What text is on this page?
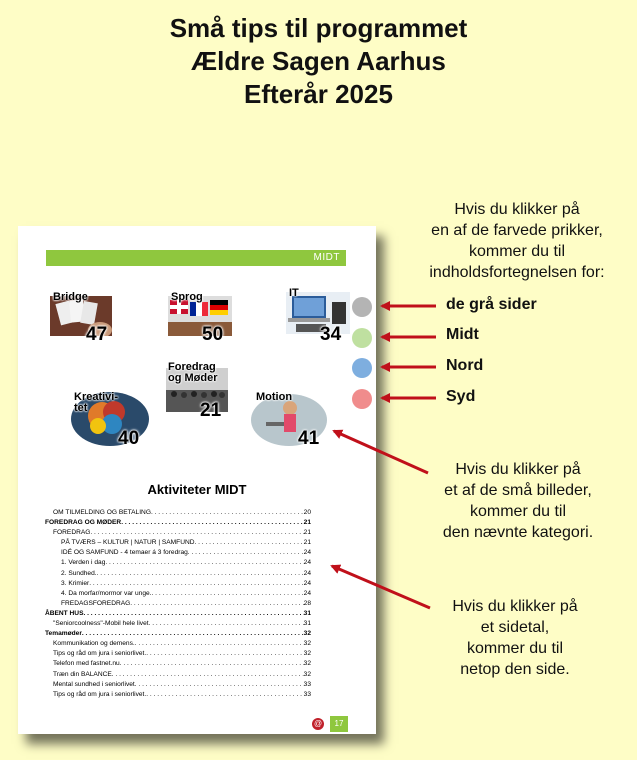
Små tips til programmet
Ældre Sagen Aarhus
Efterår 2025
MIDT
Bridge
47
Sprog
50
IT
34
Foredrag og Møder
21
Kreativi- tet
40
Motion
41
Aktiviteter MIDT
OM TILMELDING OG BETALING . . .	20
FOREDRAG OG MØDER . . .	21
FOREDRAG . . .	21
PÅ TVÆRS – KULTUR | NATUR | SAMFUND . . .	21
IDÉ OG SAMFUND - 4 temaer á 3 foredrag . . .	24
1. Verden i dag . . .	24
2. Sundhed. . . .	24
3. Krimier . . .	24
4. Da morfar/mormor var unge. . . .	24
FREDAGSFOREDRAG . . .	28
ÅBENT HUS . . .	31
"Seniorcoolness"-Mobil hele livet . . .	31
Temamøder . . .	32
Kommunikation og demens. . . .	32
Tips og råd om jura i seniorlivet. . . .	32
Telefon med fastnet.nu . . .	32
Træn din BALANCE . . .	32
Mental sundhed i seniorlivet . . .	33
Tips og råd om jura i seniorlivet. . . .	33
@	17
Hvis du klikker på
en af de farvede prikker,
kommer du til
indholdsfortegnelsen for:
de grå sider
Midt
Nord
Syd
Hvis du klikker på
et af de små billeder,
kommer du til
den nævnte kategori.
Hvis du klikker på
et sidetal,
kommer du til
netop den side.
